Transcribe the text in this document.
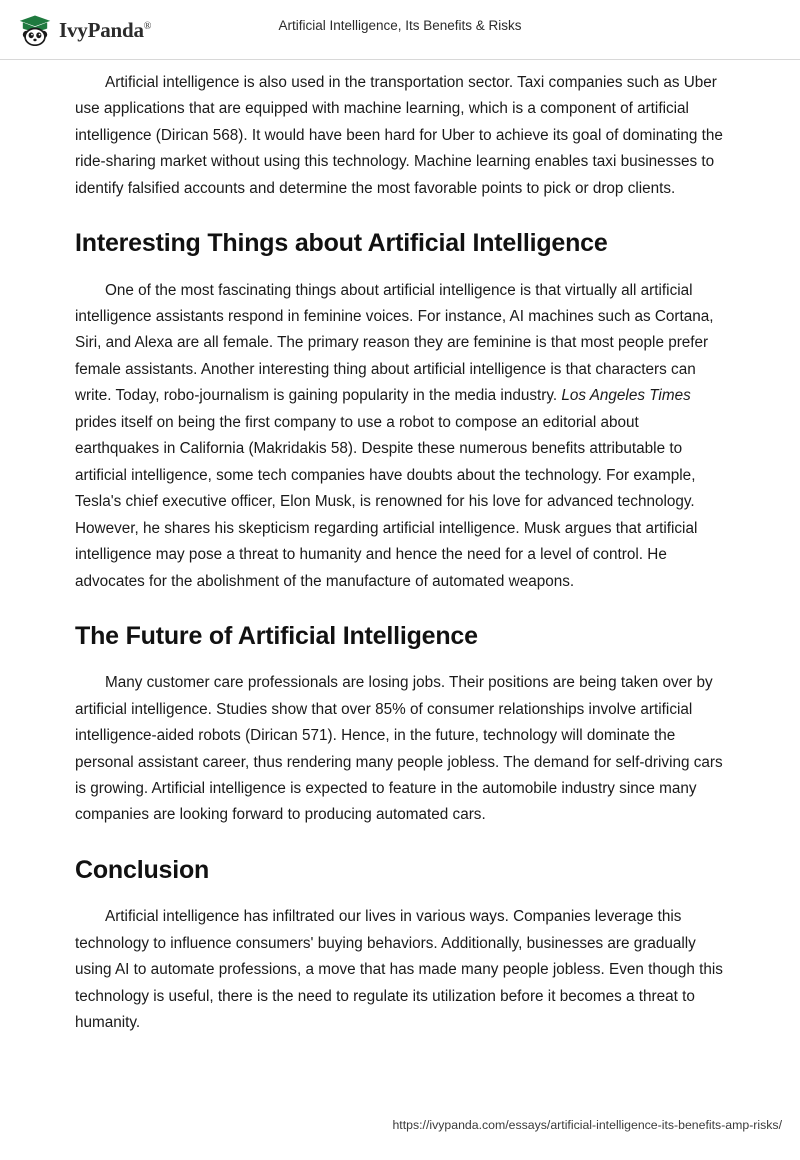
IvyPanda®	Artificial Intelligence, Its Benefits & Risks

Artificial intelligence is also used in the transportation sector. Taxi companies such as Uber use applications that are equipped with machine learning, which is a component of artificial intelligence (Dirican 568). It would have been hard for Uber to achieve its goal of dominating the ride-sharing market without using this technology. Machine learning enables taxi businesses to identify falsified accounts and determine the most favorable points to pick or drop clients.

Interesting Things about Artificial Intelligence

One of the most fascinating things about artificial intelligence is that virtually all artificial intelligence assistants respond in feminine voices. For instance, AI machines such as Cortana, Siri, and Alexa are all female. The primary reason they are feminine is that most people prefer female assistants. Another interesting thing about artificial intelligence is that characters can write. Today, robo-journalism is gaining popularity in the media industry. Los Angeles Times prides itself on being the first company to use a robot to compose an editorial about earthquakes in California (Makridakis 58). Despite these numerous benefits attributable to artificial intelligence, some tech companies have doubts about the technology. For example, Tesla's chief executive officer, Elon Musk, is renowned for his love for advanced technology. However, he shares his skepticism regarding artificial intelligence. Musk argues that artificial intelligence may pose a threat to humanity and hence the need for a level of control. He advocates for the abolishment of the manufacture of automated weapons.

The Future of Artificial Intelligence

Many customer care professionals are losing jobs. Their positions are being taken over by artificial intelligence. Studies show that over 85% of consumer relationships involve artificial intelligence-aided robots (Dirican 571). Hence, in the future, technology will dominate the personal assistant career, thus rendering many people jobless. The demand for self-driving cars is growing. Artificial intelligence is expected to feature in the automobile industry since many companies are looking forward to producing automated cars.

Conclusion

Artificial intelligence has infiltrated our lives in various ways. Companies leverage this technology to influence consumers' buying behaviors. Additionally, businesses are gradually using AI to automate professions, a move that has made many people jobless. Even though this technology is useful, there is the need to regulate its utilization before it becomes a threat to humanity.

https://ivypanda.com/essays/artificial-intelligence-its-benefits-amp-risks/
